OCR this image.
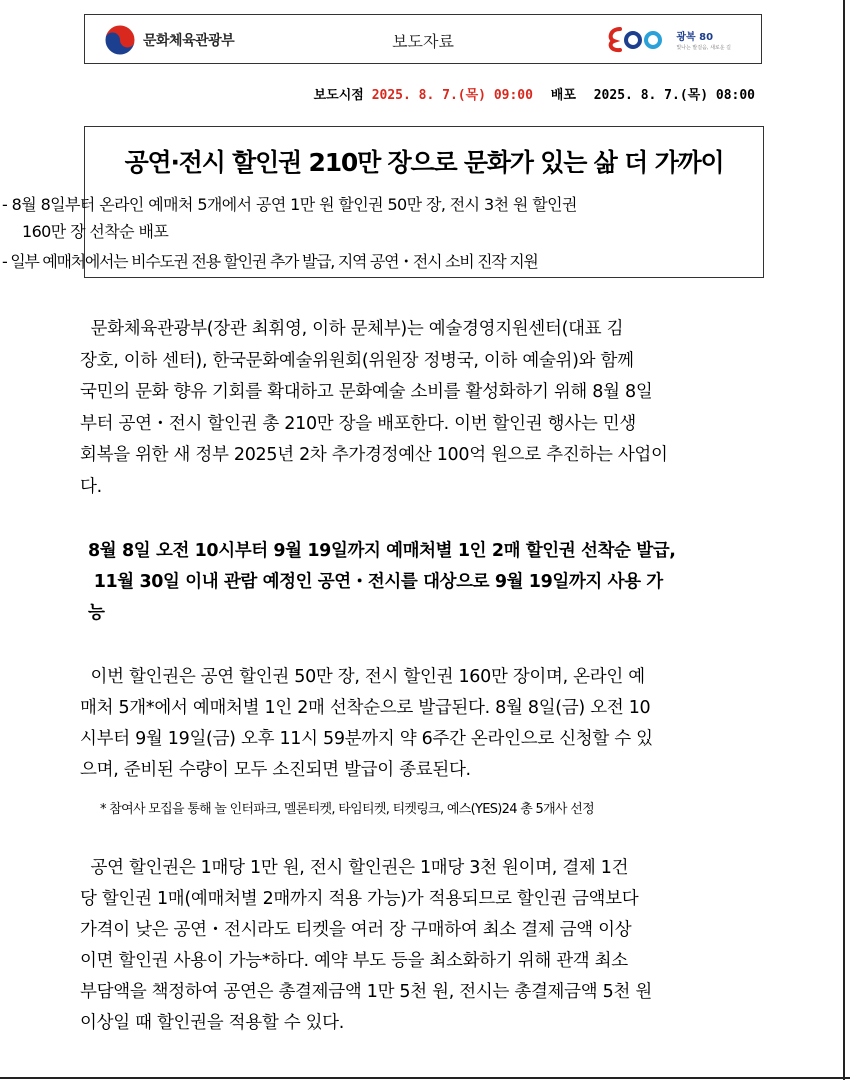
문화체육관광부	보도자료	광복 80
빛나는 발걸음, 새로운 길
보도시점 2025. 8. 7.(목) 09:00 배포 2025. 8. 7.(목) 08:00
공연·전시 할인권 210만 장으로 문화가 있는 삶 더 가까이
- 8월 8일부터 온라인 예매처 5개에서 공연 1만 원 할인권 50만 장, 전시 3천 원 할인권
160만 장 선착순 배포
- 일부 예매처에서는 비수도권 전용 할인권 추가 발급, 지역 공연・전시 소비 진작 지원
문화체육관광부(장관 최휘영, 이하 문체부)는 예술경영지원센터(대표 김
장호, 이하 센터), 한국문화예술위원회(위원장 정병국, 이하 예술위)와 함께
국민의 문화 향유 기회를 확대하고 문화예술 소비를 활성화하기 위해 8월 8일
부터 공연・전시 할인권 총 210만 장을 배포한다. 이번 할인권 행사는 민생
회복을 위한 새 정부 2025년 2차 추가경정예산 100억 원으로 추진하는 사업이
다.
8월 8일 오전 10시부터 9월 19일까지 예매처별 1인 2매 할인권 선착순 발급,
11월 30일 이내 관람 예정인 공연・전시를 대상으로 9월 19일까지 사용 가
능
이번 할인권은 공연 할인권 50만 장, 전시 할인권 160만 장이며, 온라인 예
매처 5개*에서 예매처별 1인 2매 선착순으로 발급된다. 8월 8일(금) 오전 10
시부터 9월 19일(금) 오후 11시 59분까지 약 6주간 온라인으로 신청할 수 있
으며, 준비된 수량이 모두 소진되면 발급이 종료된다.
* 참여사 모집을 통해 놀 인터파크, 멜론티켓, 타임티켓, 티켓링크, 예스(YES)24 총 5개사 선정
공연 할인권은 1매당 1만 원, 전시 할인권은 1매당 3천 원이며, 결제 1건
당 할인권 1매(예매처별 2매까지 적용 가능)가 적용되므로 할인권 금액보다
가격이 낮은 공연・전시라도 티켓을 여러 장 구매하여 최소 결제 금액 이상
이면 할인권 사용이 가능*하다. 예약 부도 등을 최소화하기 위해 관객 최소
부담액을 책정하여 공연은 총결제금액 1만 5천 원, 전시는 총결제금액 5천 원
이상일 때 할인권을 적용할 수 있다.
